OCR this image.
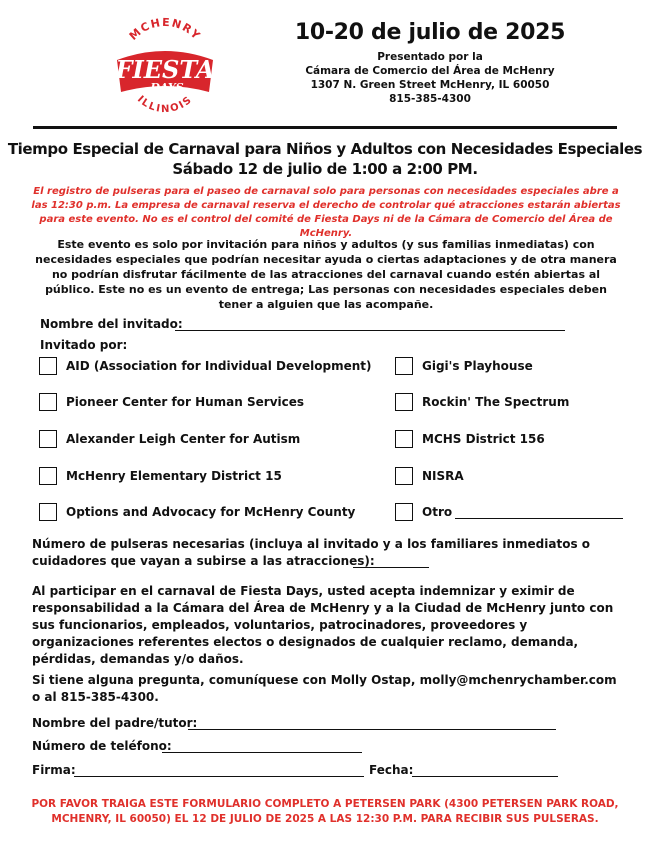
MCHENRY
ILLINOIS
FIESTA
DAYS
10-20 de julio de 2025
Presentado por la
Cámara de Comercio del Área de McHenry
1307 N. Green Street McHenry, IL 60050
815-385-4300
Tiempo Especial de Carnaval para Niños y Adultos con Necesidades Especiales
Sábado 12 de julio de 1:00 a 2:00 PM.
El registro de pulseras para el paseo de carnaval solo para personas con necesidades especiales abre a las 12:30 p.m. La empresa de carnaval reserva el derecho de controlar qué atracciones estarán abiertas para este evento. No es el control del comité de Fiesta Days ni de la Cámara de Comercio del Área de McHenry.
Este evento es solo por invitación para niños y adultos (y sus familias inmediatas) con necesidades especiales que podrían necesitar ayuda o ciertas adaptaciones y de otra manera no podrían disfrutar fácilmente de las atracciones del carnaval cuando estén abiertas al público. Este no es un evento de entrega; Las personas con necesidades especiales deben tener a alguien que las acompañe.
Nombre del invitado:
Invitado por:
AID (Association for Individual Development)
Pioneer Center for Human Services
Alexander Leigh Center for Autism
McHenry Elementary District 15
Options and Advocacy for McHenry County
Gigi's Playhouse
Rockin' The Spectrum
MCHS District 156
NISRA
Otro
Número de pulseras necesarias (incluya al invitado y a los familiares inmediatos o
cuidadores que vayan a subirse a las atracciones):
Al participar en el carnaval de Fiesta Days, usted acepta indemnizar y eximir de responsabilidad a la Cámara del Área de McHenry y a la Ciudad de McHenry junto con sus funcionarios, empleados, voluntarios, patrocinadores, proveedores y organizaciones referentes electos o designados de cualquier reclamo, demanda, pérdidas, demandas y/o daños.
Si tiene alguna pregunta, comuníquese con Molly Ostap, molly@mchenrychamber.com o al 815-385-4300.
Nombre del padre/tutor:
Número de teléfono:
Firma:	Fecha:
POR FAVOR TRAIGA ESTE FORMULARIO COMPLETO A PETERSEN PARK (4300 PETERSEN PARK ROAD, MCHENRY, IL 60050) EL 12 DE JULIO DE 2025 A LAS 12:30 P.M. PARA RECIBIR SUS PULSERAS.
